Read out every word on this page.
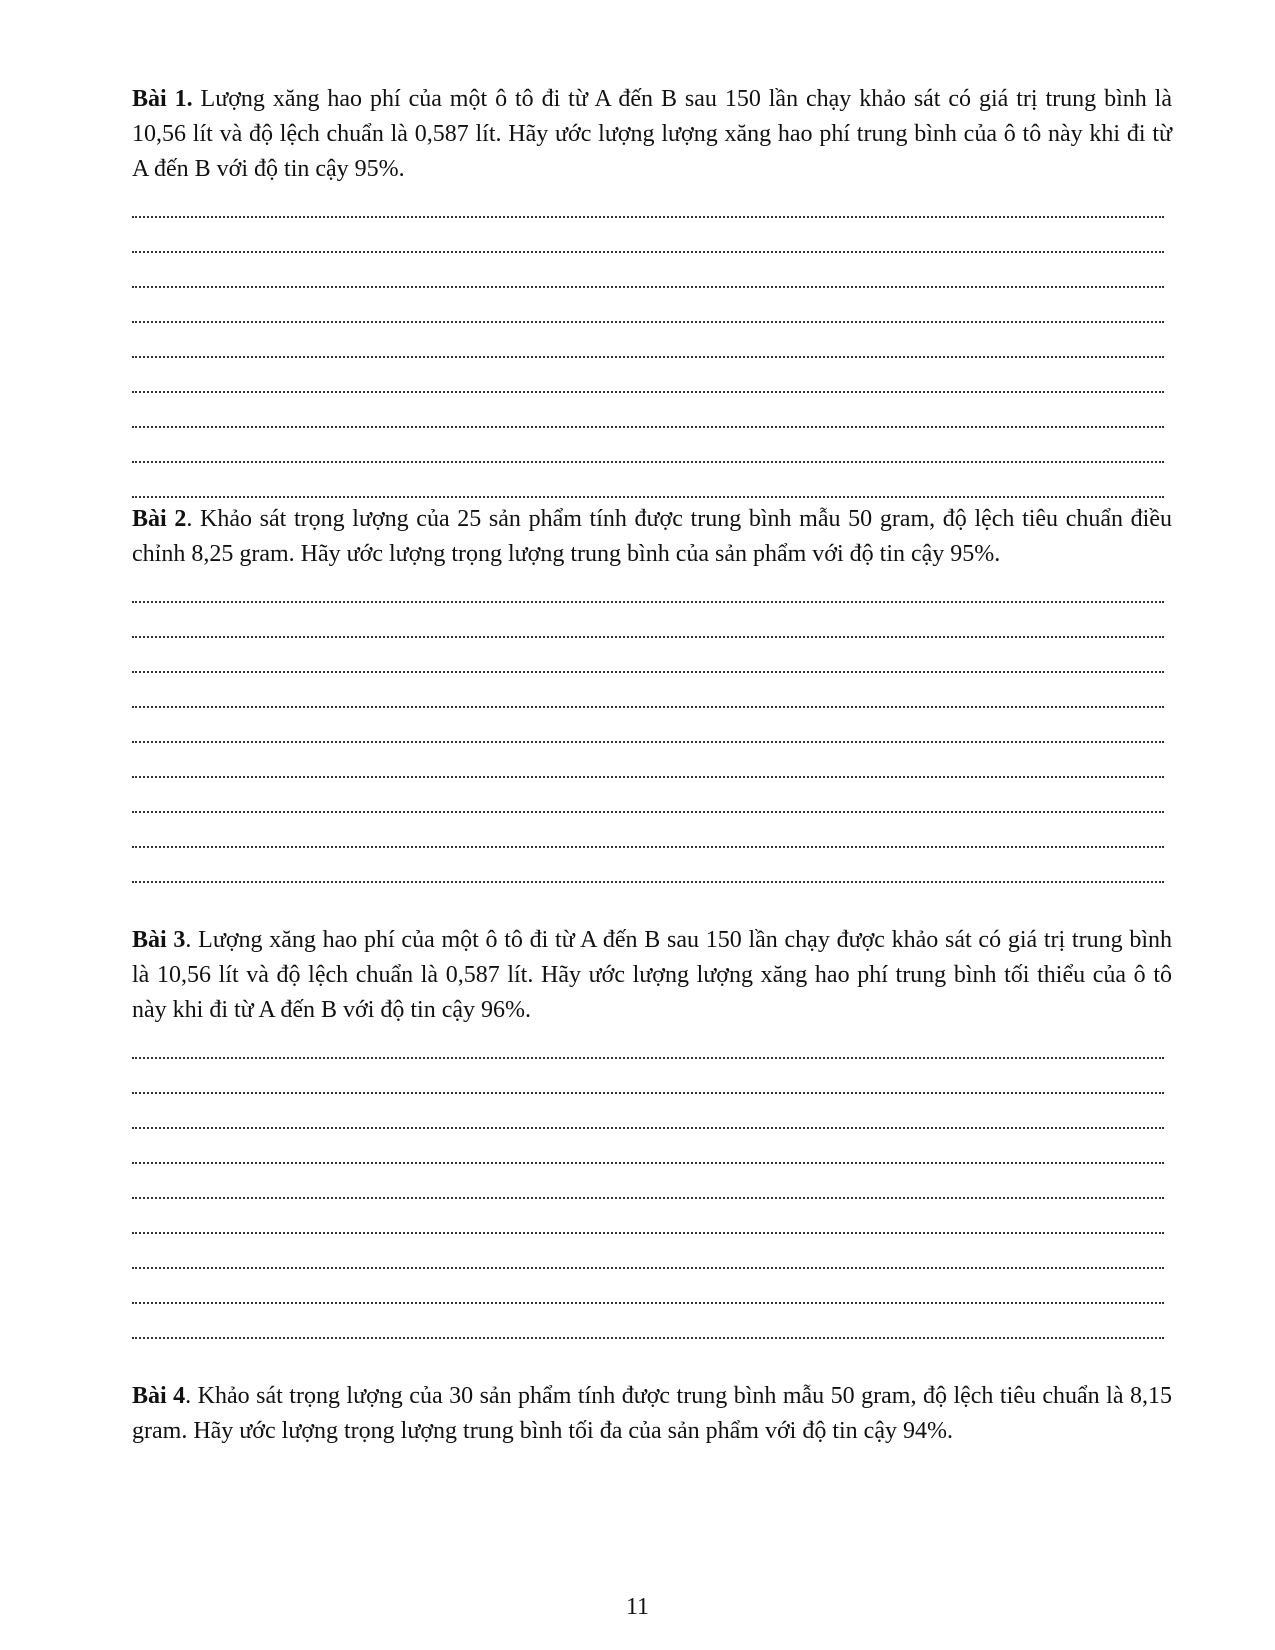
Bài 1. Lượng xăng hao phí của một ô tô đi từ A đến B sau 150 lần chạy khảo sát có giá trị trung bình là 10,56 lít và độ lệch chuẩn là 0,587 lít. Hãy ước lượng lượng xăng hao phí trung bình của ô tô này khi đi từ A đến B với độ tin cậy 95%.

Bài 2. Khảo sát trọng lượng của 25 sản phẩm tính được trung bình mẫu 50 gram, độ lệch tiêu chuẩn điều chỉnh 8,25 gram. Hãy ước lượng trọng lượng trung bình của sản phẩm với độ tin cậy 95%.

Bài 3. Lượng xăng hao phí của một ô tô đi từ A đến B sau 150 lần chạy được khảo sát có giá trị trung bình là 10,56 lít và độ lệch chuẩn là 0,587 lít. Hãy ước lượng lượng xăng hao phí trung bình tối thiểu của ô tô này khi đi từ A đến B với độ tin cậy 96%.

Bài 4. Khảo sát trọng lượng của 30 sản phẩm tính được trung bình mẫu 50 gram, độ lệch tiêu chuẩn là 8,15 gram. Hãy ước lượng trọng lượng trung bình tối đa của sản phẩm với độ tin cậy 94%.

11
